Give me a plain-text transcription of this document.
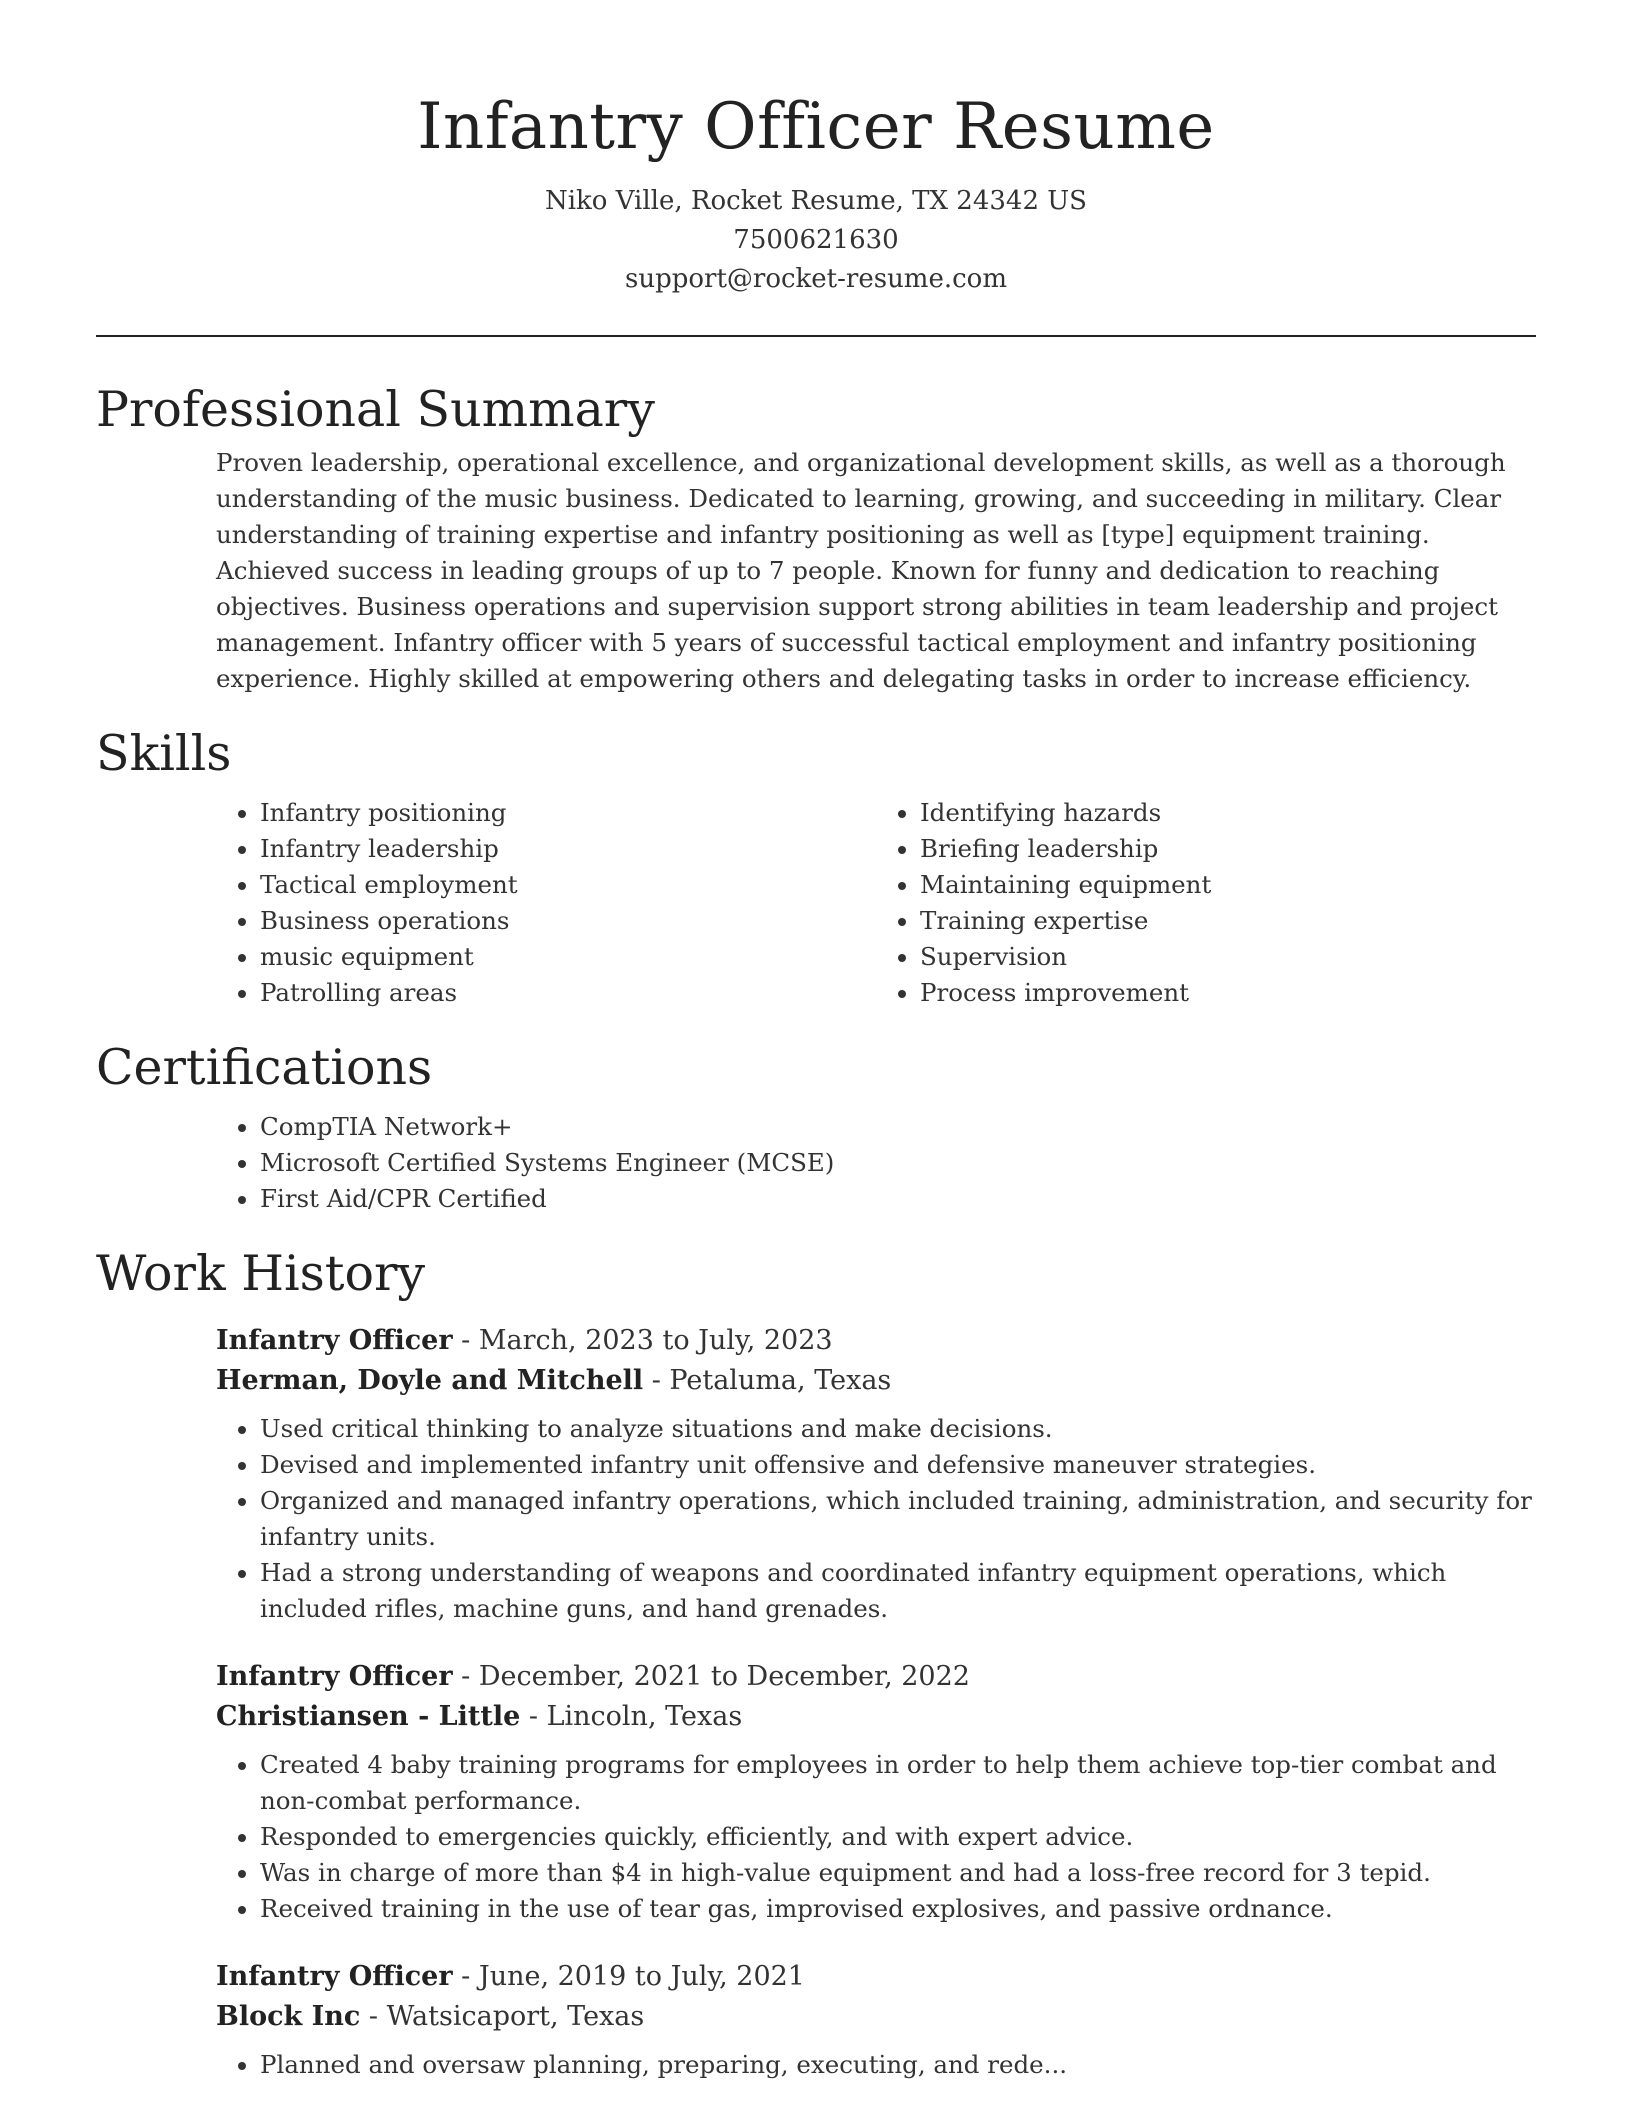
Infantry Officer Resume
Niko Ville, Rocket Resume, TX 24342 US
7500621630
support@rocket-resume.com
Professional Summary
Proven leadership, operational excellence, and organizational development skills, as well as a thorough understanding of the music business. Dedicated to learning, growing, and succeeding in military. Clear understanding of training expertise and infantry positioning as well as [type] equipment training. Achieved success in leading groups of up to 7 people. Known for funny and dedication to reaching objectives. Business operations and supervision support strong abilities in team leadership and project management. Infantry officer with 5 years of successful tactical employment and infantry positioning experience. Highly skilled at empowering others and delegating tasks in order to increase efficiency.
Skills
• Infantry positioning
• Infantry leadership
• Tactical employment
• Business operations
• music equipment
• Patrolling areas
• Identifying hazards
• Briefing leadership
• Maintaining equipment
• Training expertise
• Supervision
• Process improvement
Certifications
• CompTIA Network+
• Microsoft Certified Systems Engineer (MCSE)
• First Aid/CPR Certified
Work History
Infantry Officer - March, 2023 to July, 2023
Herman, Doyle and Mitchell - Petaluma, Texas
• Used critical thinking to analyze situations and make decisions.
• Devised and implemented infantry unit offensive and defensive maneuver strategies.
• Organized and managed infantry operations, which included training, administration, and security for infantry units.
• Had a strong understanding of weapons and coordinated infantry equipment operations, which included rifles, machine guns, and hand grenades.
Infantry Officer - December, 2021 to December, 2022
Christiansen - Little - Lincoln, Texas
• Created 4 baby training programs for employees in order to help them achieve top-tier combat and non-combat performance.
• Responded to emergencies quickly, efficiently, and with expert advice.
• Was in charge of more than $4 in high-value equipment and had a loss-free record for 3 tepid.
• Received training in the use of tear gas, improvised explosives, and passive ordnance.
Infantry Officer - June, 2019 to July, 2021
Block Inc - Watsicaport, Texas
• Planned and oversaw planning, preparing, executing, and rede...
